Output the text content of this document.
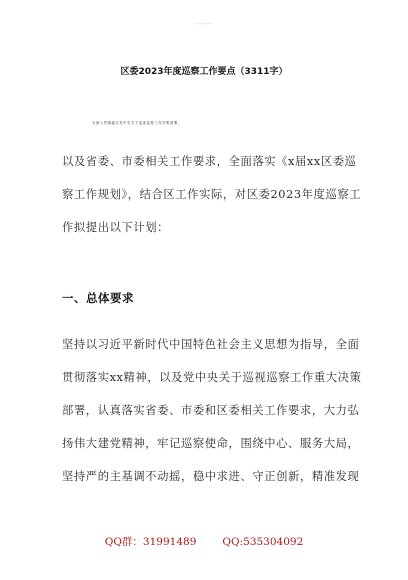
区委2023年度巡察工作要点（3311字）
为深入贯彻落实党中央关于巡视巡察工作决策部署，
以及省委、市委相关工作要求，全面落实《x届xx区委巡
察工作规划》，结合区工作实际，对区委2023年度巡察工
作拟提出以下计划：
一、总体要求
坚持以习近平新时代中国特色社会主义思想为指导，全面
贯彻落实xx精神，以及党中央关于巡视巡察工作重大决策
部署，认真落实省委、市委和区委相关工作要求，大力弘
扬伟大建党精神，牢记巡察使命，围绕中心、服务大局，
坚持严的主基调不动摇，稳中求进、守正创新，精准发现
QQ群：31991489 QQ:535304092
